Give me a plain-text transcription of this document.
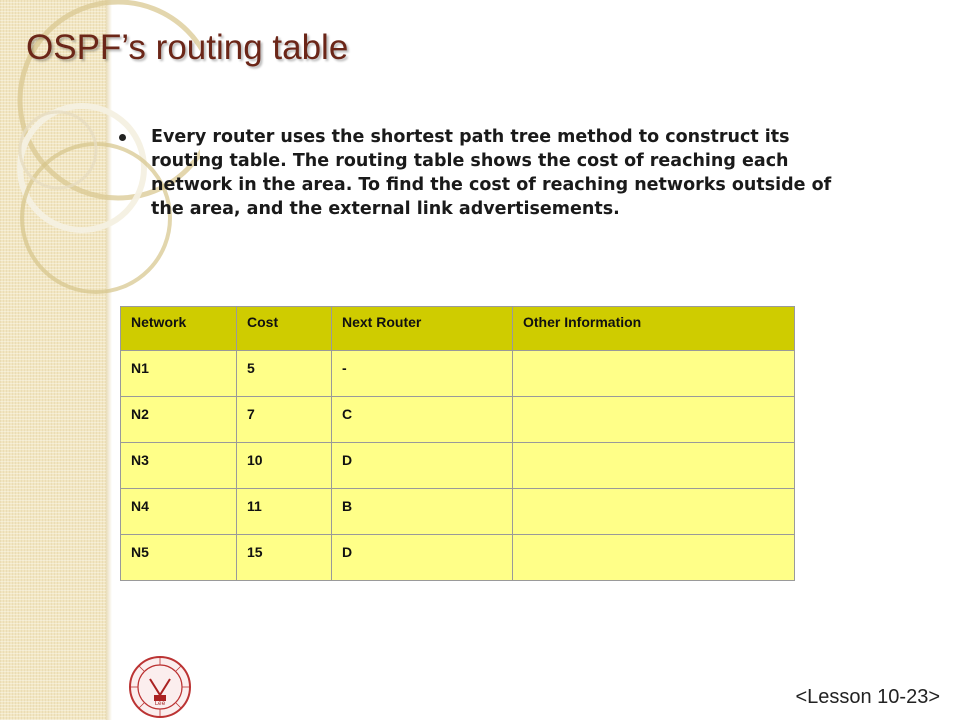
OSPF’s routing table
Every router uses the shortest path tree method to construct its routing table. The routing table shows the cost of reaching each network in the area. To find the cost of reaching networks outside of the area, and the external link advertisements.
Network	Cost	Next Router	Other Information
N1	5	-	
N2	7	C	
N3	10	D	
N4	11	B	
N5	15	D	
Lee	<Lesson 10-23>
